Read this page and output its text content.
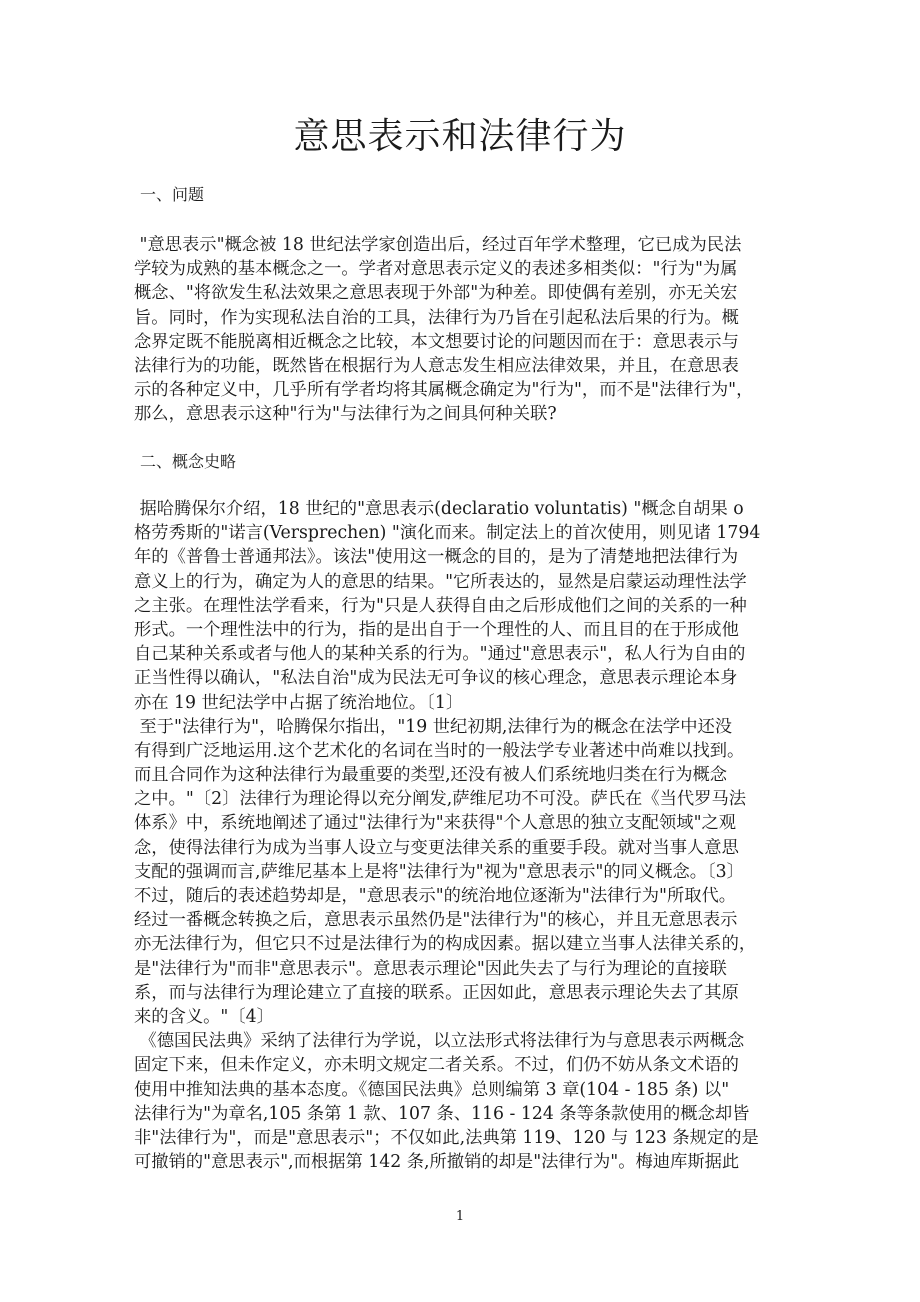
意思表示和法律行为
一、问题
"意思表示"概念被 18 世纪法学家创造出后，经过百年学术整理，它已成为民法
学较为成熟的基本概念之一。学者对意思表示定义的表述多相类似："行为"为属
概念、"将欲发生私法效果之意思表现于外部"为种差。即使偶有差别，亦无关宏
旨。同时，作为实现私法自治的工具，法律行为乃旨在引起私法后果的行为。概
念界定既不能脱离相近概念之比较，本文想要讨论的问题因而在于：意思表示与
法律行为的功能，既然皆在根据行为人意志发生相应法律效果，并且，在意思表
示的各种定义中，几乎所有学者均将其属概念确定为"行为"，而不是"法律行为"，
那么，意思表示这种"行为"与法律行为之间具何种关联?
二、概念史略
据哈腾保尔介绍，18 世纪的"意思表示(declaratio voluntatis) "概念自胡果 o
格劳秀斯的"诺言(Versprechen) "演化而来。制定法上的首次使用，则见诸 1794
年的《普鲁士普通邦法》。该法"使用这一概念的目的，是为了清楚地把法律行为
意义上的行为，确定为人的意思的结果。"它所表达的，显然是启蒙运动理性法学
之主张。在理性法学看来，行为"只是人获得自由之后形成他们之间的关系的一种
形式。一个理性法中的行为，指的是出自于一个理性的人、而且目的在于形成他
自己某种关系或者与他人的某种关系的行为。"通过"意思表示"，私人行为自由的
正当性得以确认，"私法自治"成为民法无可争议的核心理念，意思表示理论本身
亦在 19 世纪法学中占据了统治地位。〔1〕
至于"法律行为"，哈腾保尔指出，"19 世纪初期,法律行为的概念在法学中还没
有得到广泛地运用.这个艺术化的名词在当时的一般法学专业著述中尚难以找到。
而且合同作为这种法律行为最重要的类型,还没有被人们系统地归类在行为概念
之中。"〔2〕法律行为理论得以充分阐发,萨维尼功不可没。萨氏在《当代罗马法
体系》中，系统地阐述了通过"法律行为"来获得"个人意思的独立支配领域"之观
念，使得法律行为成为当事人设立与变更法律关系的重要手段。就对当事人意思
支配的强调而言,萨维尼基本上是将"法律行为"视为"意思表示"的同义概念。〔3〕
不过，随后的表述趋势却是，"意思表示"的统治地位逐渐为"法律行为"所取代。
经过一番概念转换之后，意思表示虽然仍是"法律行为"的核心，并且无意思表示
亦无法律行为，但它只不过是法律行为的构成因素。据以建立当事人法律关系的，
是"法律行为"而非"意思表示"。意思表示理论"因此失去了与行为理论的直接联
系，而与法律行为理论建立了直接的联系。正因如此，意思表示理论失去了其原
来的含义。"〔4〕
《德国民法典》采纳了法律行为学说，以立法形式将法律行为与意思表示两概念
固定下来，但未作定义，亦未明文规定二者关系。不过，们仍不妨从条文术语的
使用中推知法典的基本态度。《德国民法典》总则编第 3 章(104 - 185 条) 以"
法律行为"为章名,105 条第 1 款、107 条、116 - 124 条等条款使用的概念却皆
非"法律行为"，而是"意思表示"；不仅如此,法典第 119、120 与 123 条规定的是
可撤销的"意思表示",而根据第 142 条,所撤销的却是"法律行为"。梅迪库斯据此
1
